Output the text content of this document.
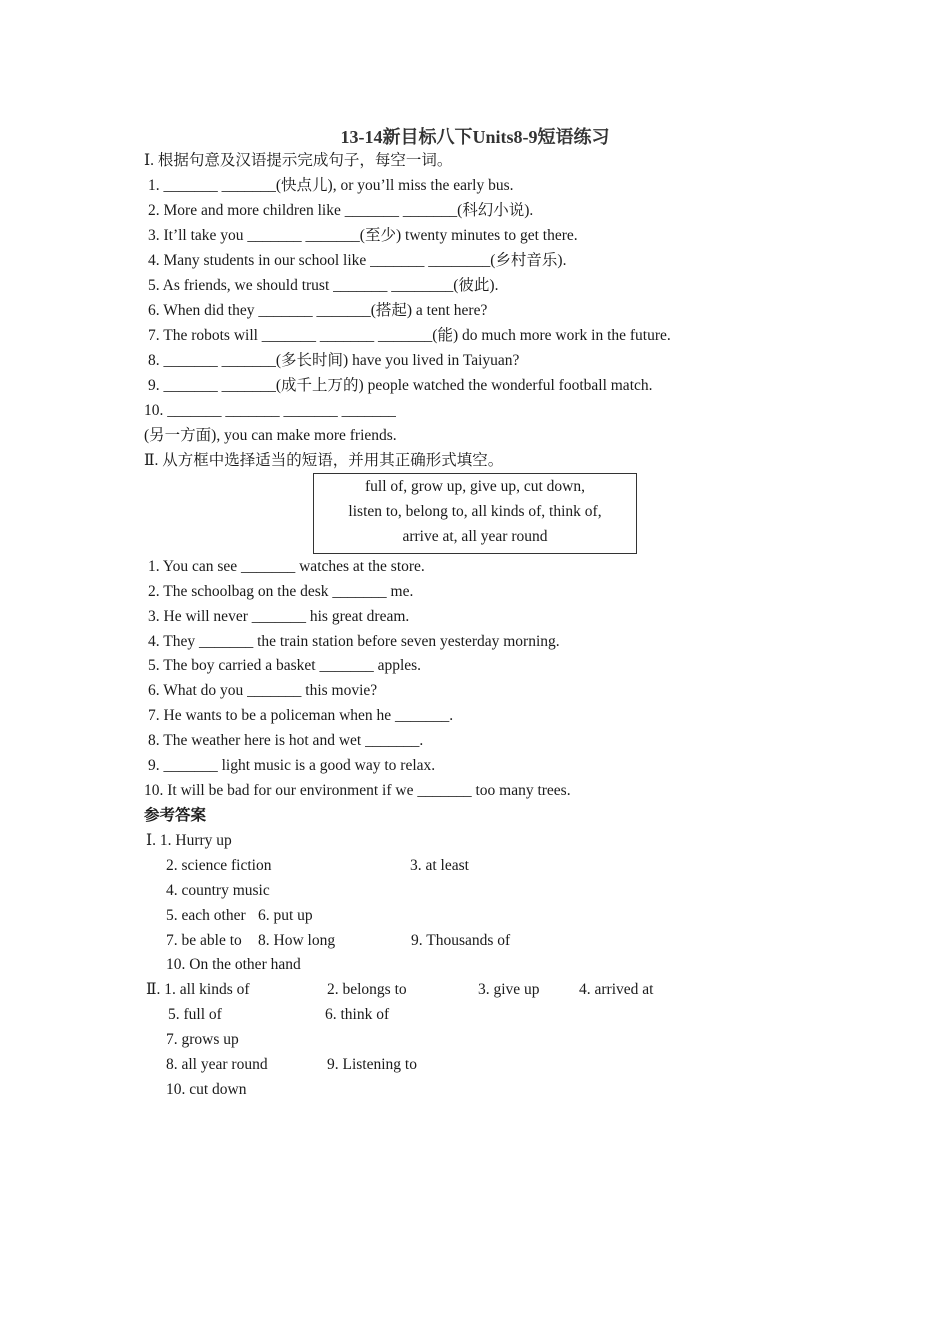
13-14新目标八下Units8-9短语练习
Ⅰ. 根据句意及汉语提示完成句子，每空一词。
1. _______ _______(快点儿), or you’ll miss the early bus.
2. More and more children like _______ _______(科幻小说).
3. It’ll take you _______ _______(至少) twenty minutes to get there.
4. Many students in our school like _______ ________(乡村音乐).
5. As friends, we should trust _______ ________(彼此).
6. When did they _______ _______(搭起) a tent here?
7. The robots will _______ _______ _______(能) do much more work in the future.
8. _______ _______(多长时间) have you lived in Taiyuan?
9. _______ _______(成千上万的) people watched the wonderful football match.
10. _______ _______ _______ _______
(另一方面), you can make more friends.
Ⅱ. 从方框中选择适当的短语，并用其正确形式填空。
full of, grow up, give up, cut down,
listen to, belong to, all kinds of, think of,
arrive at, all year round
1. You can see _______ watches at the store.
2. The schoolbag on the desk _______ me.
3. He will never _______ his great dream.
4. They _______ the train station before seven yesterday morning.
5. The boy carried a basket _______ apples.
6. What do you _______ this movie?
7. He wants to be a policeman when he _______.
8. The weather here is hot and wet _______.
9. _______ light music is a good way to relax.
10. It will be bad for our environment if we _______ too many trees.
参考答案
Ⅰ. 1. Hurry up
2. science fiction	3. at least
4. country music
5. each other 6. put up
7. be able to 8. How long	9. Thousands of
10. On the other hand
Ⅱ. 1. all kinds of	2. belongs to	3. give up	4. arrived at
5. full of	6. think of
7. grows up
8. all year round	9. Listening to
10. cut down
